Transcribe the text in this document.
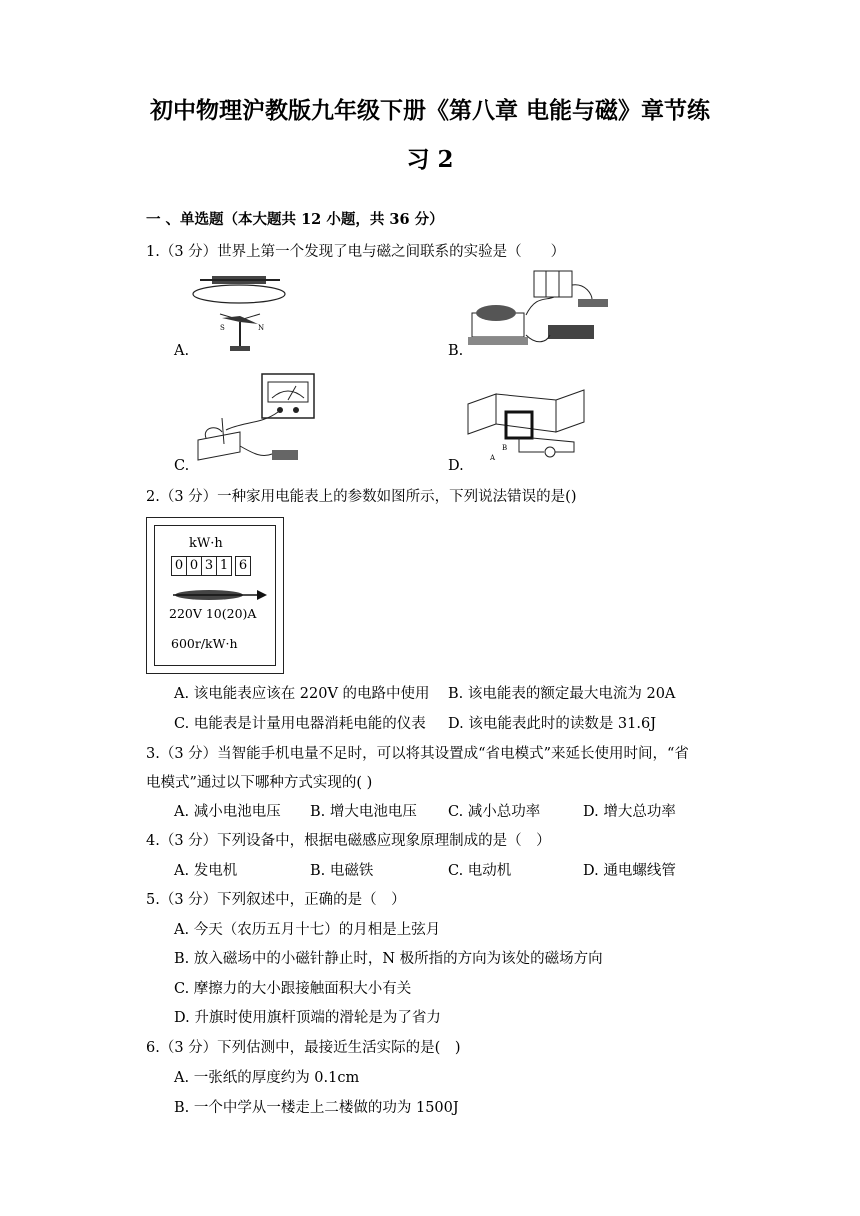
初中物理沪教版九年级下册《第八章 电能与磁》章节练
习 2
一 、单选题（本大题共 12 小题，共 36 分）
1.（3 分）世界上第一个发现了电与磁之间联系的实验是（　　）
S	N
A.	B.
C.	A
B
D.
2.（3 分）一种家用电能表上的参数如图所示，下列说法错误的是()
kW·h
0 0 3 1 6
220V 10(20)A
600r/kW·h
A. 该电能表应该在 220V 的电路中使用 B. 该电能表的额定最大电流为 20A
C. 电能表是计量用电器消耗电能的仪表 D. 该电能表此时的读数是 31.6J
3.（3 分）当智能手机电量不足时，可以将其设置成“省电模式”来延长使用时间，“省
电模式”通过以下哪种方式实现的( )
A. 减小电池电压 B. 增大电池电压 C. 减小总功率	D. 增大总功率
4.（3 分）下列设备中，根据电磁感应现象原理制成的是（　）
A. 发电机	B. 电磁铁	C. 电动机	D. 通电螺线管
5.（3 分）下列叙述中，正确的是（　）
A. 今天（农历五月十七）的月相是上弦月
B. 放入磁场中的小磁针静止时，N 极所指的方向为该处的磁场方向
C. 摩擦力的大小跟接触面积大小有关
D. 升旗时使用旗杆顶端的滑轮是为了省力
6.（3 分）下列估测中，最接近生活实际的是(　)
A. 一张纸的厚度约为 0.1cm
B. 一个中学从一楼走上二楼做的功为 1500J
